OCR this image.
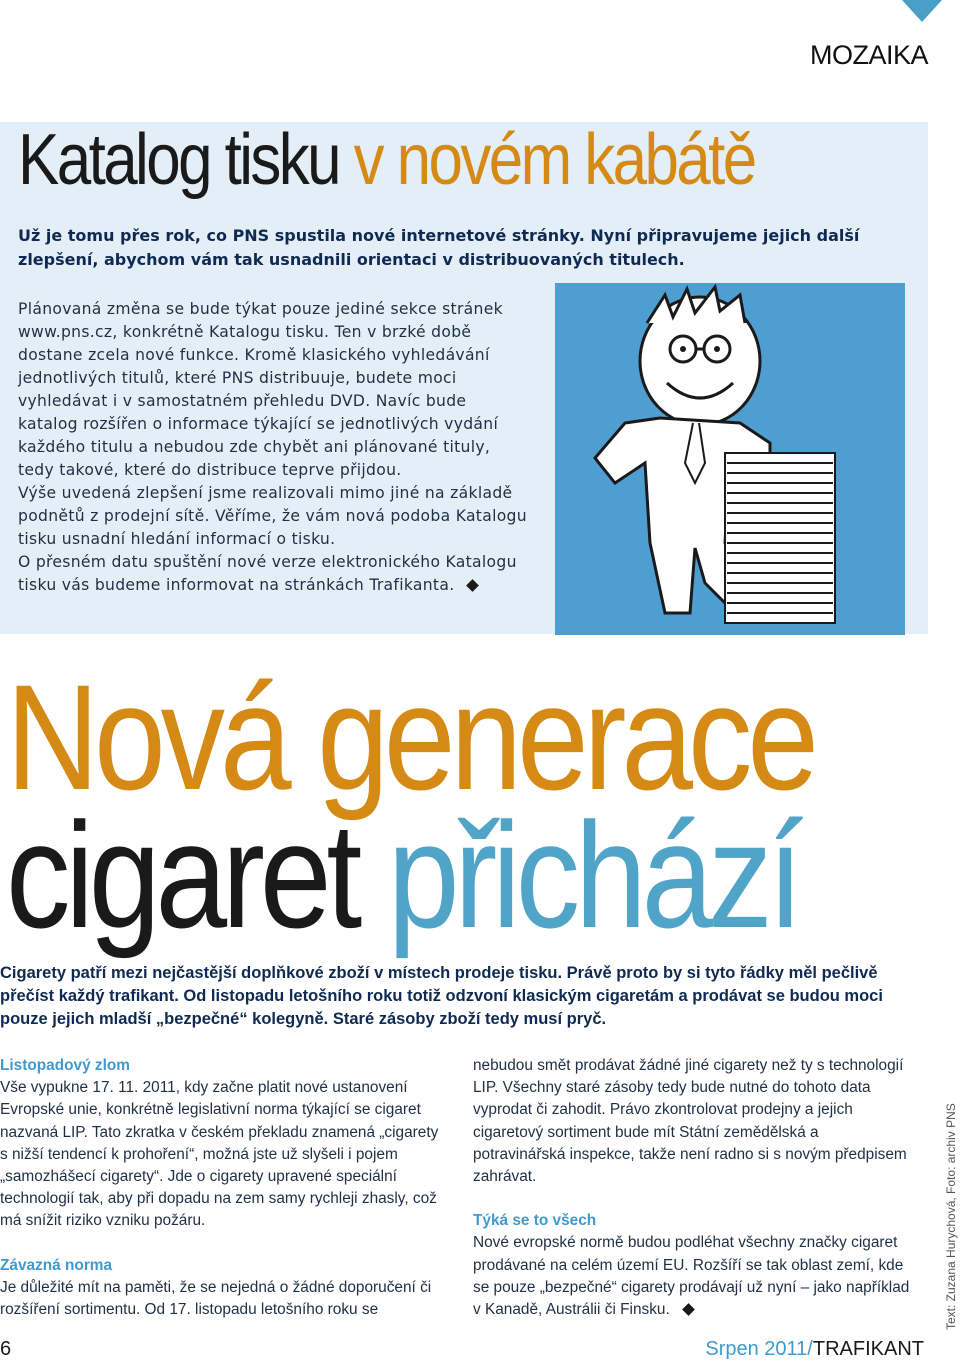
MOZAIKA
Katalog tisku v novém kabátě
Už je tomu přes rok, co PNS spustila nové internetové stránky. Nyní připravujeme jejich další zlepšení, abychom vám tak usnadnili orientaci v distribuovaných titulech.

Plánovaná změna se bude týkat pouze jediné sekce stránek www.pns.cz, konkrétně Katalogu tisku. Ten v brzké době dostane zcela nové funkce. Kromě klasického vyhledávání jednotlivých titulů, které PNS distribuuje, budete moci vyhledávat i v samostatném přehledu DVD. Navíc bude katalog rozšířen o informace týkající se jednotlivých vydání každého titulu a nebudou zde chybět ani plánované tituly, tedy takové, které do distribuce teprve přijdou.

Výše uvedená zlepšení jsme realizovali mimo jiné na základě podnětů z prodejní sítě. Věříme, že vám nová podoba Katalogu tisku usnadní hledání informací o tisku.

O přesném datu spuštění nové verze elektronického Katalogu tisku vás budeme informovat na stránkách Trafikanta.

Nová generace
cigaret přichází
Cigarety patří mezi nejčastější doplňkové zboží v místech prodeje tisku. Právě proto by si tyto řádky měl pečlivě přečíst každý trafikant. Od listopadu letošního roku totiž odzvoní klasickým cigaretám a prodávat se budou moci pouze jejich mladší „bezpečné“ kolegyně. Staré zásoby zboží tedy musí pryč.
Listopadový zlom

Vše vypukne 17. 11. 2011, kdy začne platit nové ustanovení Evropské unie, konkrétně legislativní norma týkající se cigaret nazvaná LIP. Tato zkratka v českém překladu znamená „cigarety s nižší tendencí k prohoření“, možná jste už slyšeli i pojem „samozhášecí cigarety“. Jde o cigarety upravené speciální technologií tak, aby při dopadu na zem samy rychleji zhasly, což má snížit riziko vzniku požáru.

Závazná norma

Je důležité mít na paměti, že se nejedná o žádné doporučení či rozšíření sortimentu. Od 17. listopadu letošního roku se

nebudou smět prodávat žádné jiné cigarety než ty s technologií LIP. Všechny staré zásoby tedy bude nutné do tohoto data vyprodat či zahodit. Právo zkontrolovat prodejny a jejich cigaretový sortiment bude mít Státní zemědělská a potravinářská inspekce, takže není radno si s novým předpisem zahrávat.

Týká se to všech

Nové evropské normě budou podléhat všechny značky cigaret prodávané na celém území EU. Rozšíří se tak oblast zemí, kde se pouze „bezpečné“ cigarety prodávají už nyní – jako například v Kanadě, Austrálii či Finsku.

6	Srpen 2011/TRAFIKANT
Text: Zuzana Hurychová, Foto: archiv PNS
